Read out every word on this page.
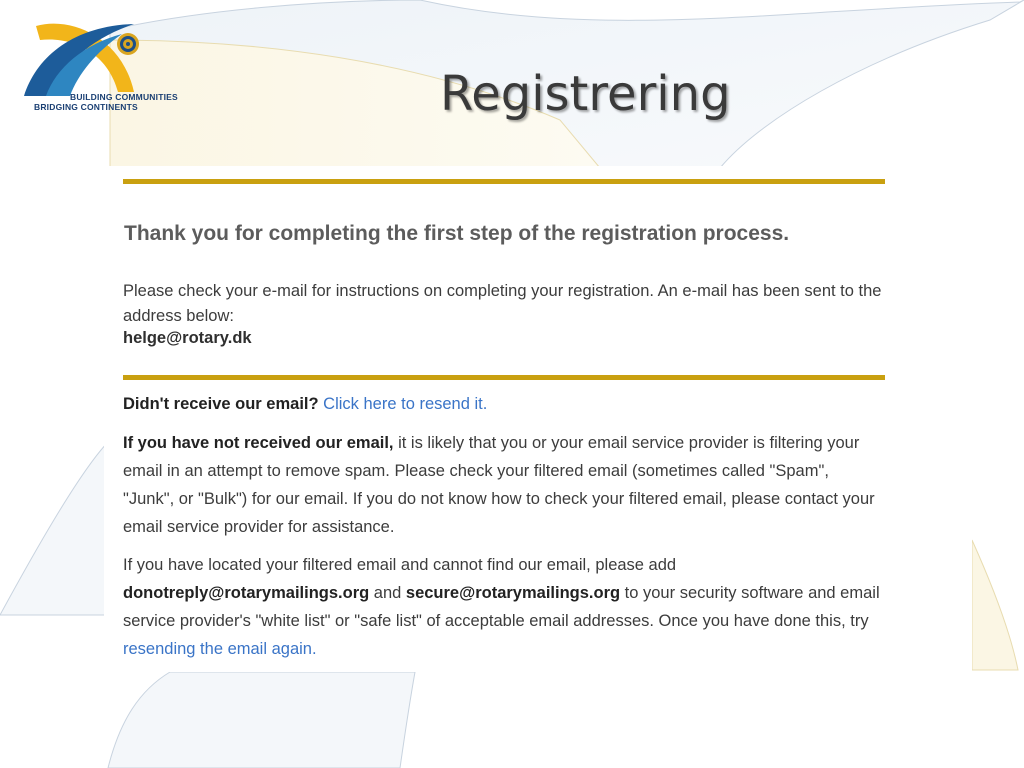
BUILDING COMMUNITIES
BRIDGING CONTINENTS	Registrering
Thank you for completing the first step of the registration process.

Please check your e-mail for instructions on completing your registration. An e-mail has been sent to the address below:

helge@rotary.dk

Didn't receive our email? Click here to resend it.

If you have not received our email, it is likely that you or your email service provider is filtering your email in an attempt to remove spam. Please check your filtered email (sometimes called "Spam", "Junk", or "Bulk") for our email. If you do not know how to check your filtered email, please contact your email service provider for assistance.

If you have located your filtered email and cannot find our email, please add donotreply@rotarymailings.org and secure@rotarymailings.org to your security software and email service provider's "white list" or "safe list" of acceptable email addresses. Once you have done this, try resending the email again.
